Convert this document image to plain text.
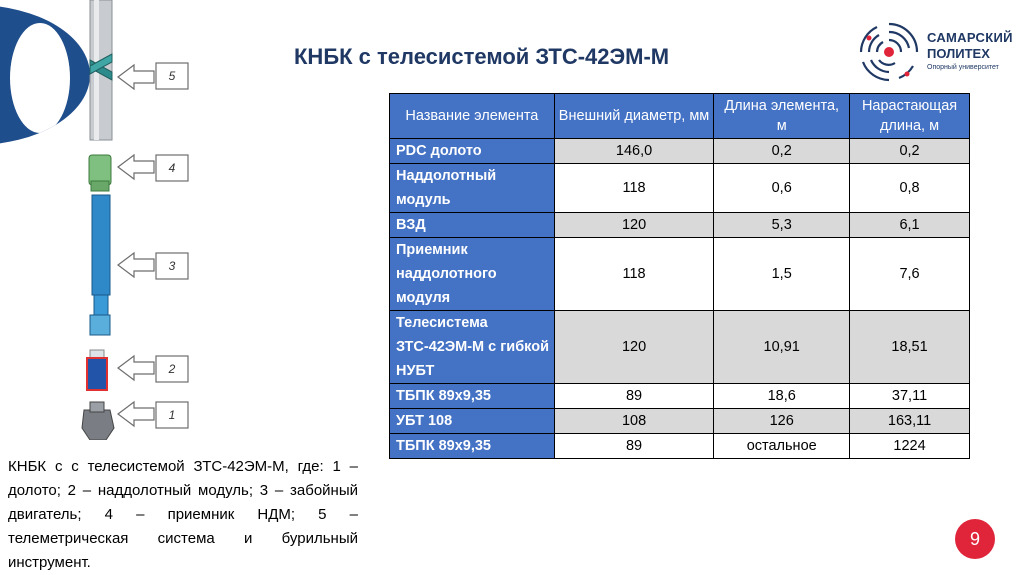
КНБК с телесистемой ЗТС-42ЭМ-М
САМАРСКИЙ
ПОЛИТЕХ
Опорный университет
5
4
3
2
1
Название элемента	Внешний диаметр, мм	Длина элемента, м	Нарастающая длина, м
PDC долото	146,0	0,2	0,2
Наддолотный модуль	118	0,6	0,8
ВЗД	120	5,3	6,1
Приемник наддолотного модуля	118	1,5	7,6
Телесистема ЗТС-42ЭМ-М с гибкой НУБТ	120	10,91	18,51
ТБПК 89х9,35	89	18,6	37,11
УБТ 108	108	126	163,11
ТБПК 89х9,35	89	остальное	1224
КНБК с с телесистемой ЗТС-42ЭМ-М, где: 1 – долото; 2 – наддолотный модуль; 3 – забойный двигатель; 4 – приемник НДМ; 5 – телеметрическая система и бурильный инструмент.
9
